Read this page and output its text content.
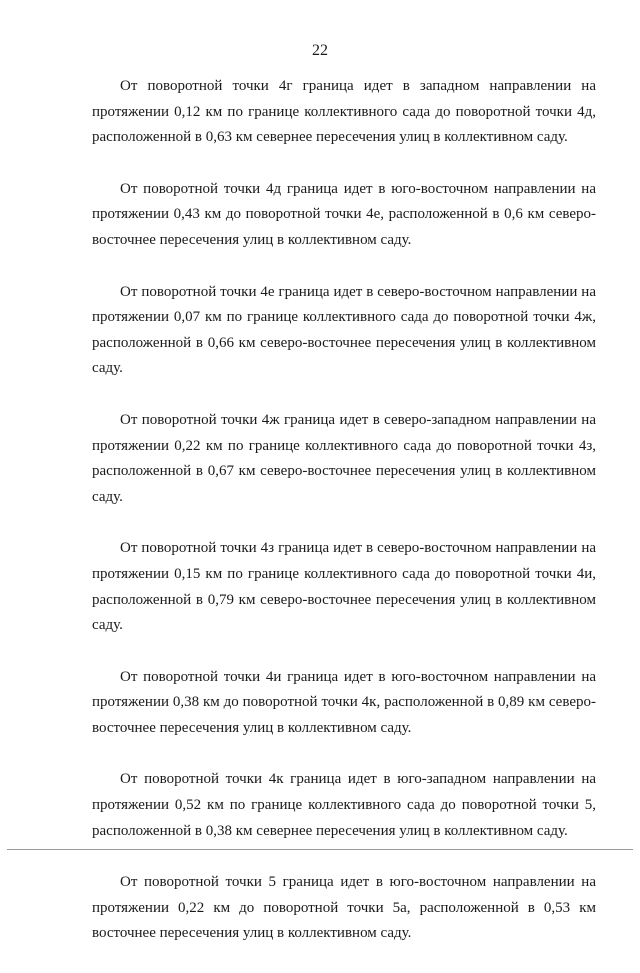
22

От поворотной точки 4г граница идет в западном направлении на протяжении 0,12 км по границе коллективного сада до поворотной точки 4д, расположенной в 0,63 км севернее пересечения улиц в коллективном саду.

От поворотной точки 4д граница идет в юго-восточном направлении на протяжении 0,43 км до поворотной точки 4е, расположенной в 0,6 км северо-восточнее пересечения улиц в коллективном саду.

От поворотной точки 4е граница идет в северо-восточном направлении на протяжении 0,07 км по границе коллективного сада до поворотной точки 4ж, расположенной в 0,66 км северо-восточнее пересечения улиц в коллективном саду.

От поворотной точки 4ж граница идет в северо-западном направлении на протяжении 0,22 км по границе коллективного сада до поворотной точки 4з, расположенной в 0,67 км северо-восточнее пересечения улиц в коллективном саду.

От поворотной точки 4з граница идет в северо-восточном направлении на протяжении 0,15 км по границе коллективного сада до поворотной точки 4и, расположенной в 0,79 км северо-восточнее пересечения улиц в коллективном саду.

От поворотной точки 4и граница идет в юго-восточном направлении на протяжении 0,38 км до поворотной точки 4к, расположенной в 0,89 км северо-восточнее пересечения улиц в коллективном саду.

От поворотной точки 4к граница идет в юго-западном направлении на протяжении 0,52 км по границе коллективного сада до поворотной точки 5, расположенной в 0,38 км севернее пересечения улиц в коллективном саду.

От поворотной точки 5 граница идет в юго-восточном направлении на протяжении 0,22 км до поворотной точки 5а, расположенной в 0,53 км восточнее пересечения улиц в коллективном саду.
